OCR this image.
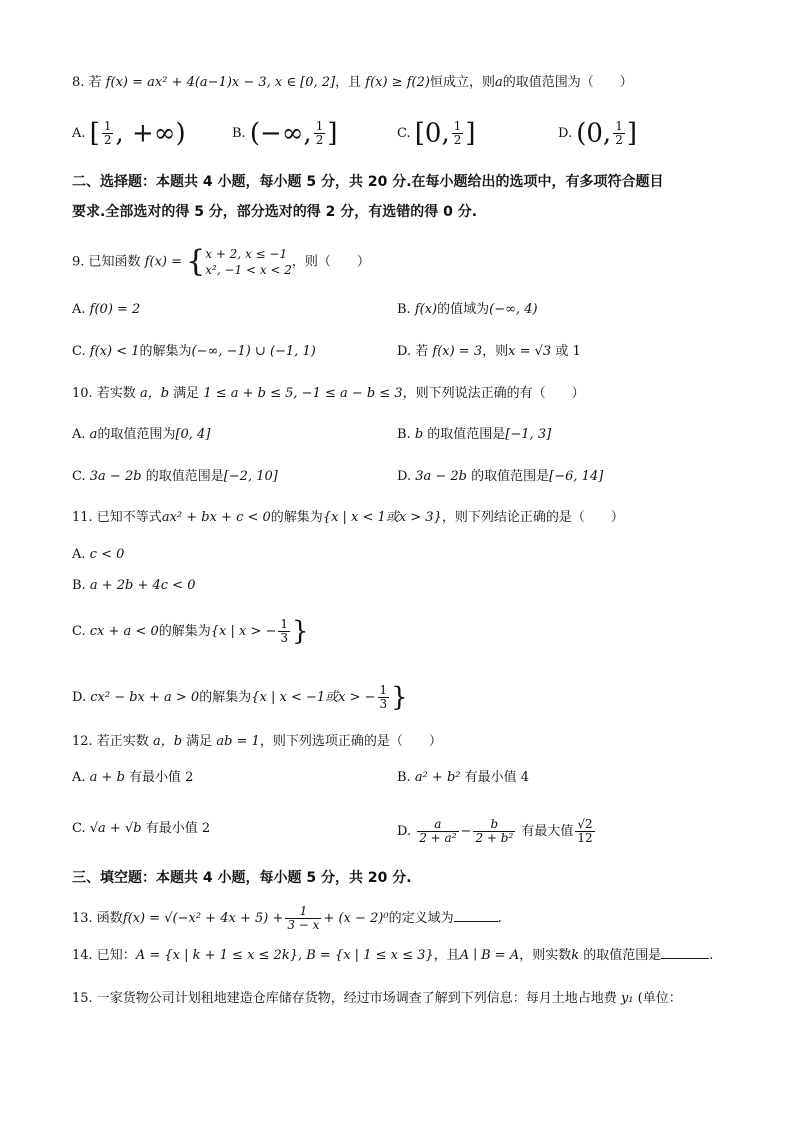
8. 若 f(x) = ax² + 4(a−1)x − 3, x ∈ [0, 2]，且 f(x) ≥ f(2)恒成立，则a的取值范围为（　　）
A. [ $\frac{1}{2}$ , +∞)	B. (−∞, $\frac{1}{2}$ ]	C. [0, $\frac{1}{2}$ ]	D. (0, $\frac{1}{2}$ ]
二、选择题：本题共 4 小题，每小题 5 分，共 20 分.在每小题给出的选项中，有多项符合题目
要求.全部选对的得 5 分，部分选对的得 2 分，有选错的得 0 分.
9. 已知函数 f(x) = { x + 2, x ≤ −1
x², −1 < x < 2
，则（　　）
A. f(0) = 2	B. f(x)的值域为(−∞, 4)
C. f(x) < 1的解集为(−∞, −1) ∪ (−1, 1)	D. 若 f(x) = 3，则x = √3 或 1
10. 若实数 a，b 满足 1 ≤ a + b ≤ 5, −1 ≤ a − b ≤ 3，则下列说法正确的有（　　）
A. a的取值范围为[0, 4]	B. b 的取值范围是[−1, 3]
C. 3a − 2b 的取值范围是[−2, 10]	D. 3a − 2b 的取值范围是[−6, 14]
11. 已知不等式ax² + bx + c < 0的解集为{x | x < 1或x > 3}，则下列结论正确的是（　　）
A. c < 0
B. a + 2b + 4c < 0
C. cx + a < 0的解集为{x | x > − $\frac{1}{3}$ }
D. cx² − bx + a > 0的解集为{x | x < −1或x > − $\frac{1}{3}$ }
12. 若正实数 a，b 满足 ab = 1，则下列选项正确的是（　　）
A. a + b 有最小值 2	B. a² + b² 有最小值 4
C. √a + √b 有最小值 2	D. $\frac{a}{\text{2 + a²}} - \frac{b}{\text{2 + b²}}$ 有最大值 $\frac{√2}{12}$
三、填空题：本题共 4 小题，每小题 5 分，共 20 分.
13. 函数$f(x) = √(-x^2 + 4x + 5) + \frac{1}{3 - x} + (x - 2)^0$的定义域为	.
14. 已知：A = {x | k + 1 ≤ x ≤ 2k}, B = {x | 1 ≤ x ≤ 3}，且A ∣ B = A，则实数k 的取值范围是	.
15. 一家货物公司计划租地建造仓库储存货物，经过市场调查了解到下列信息：每月土地占地费 y₁ (单位：
